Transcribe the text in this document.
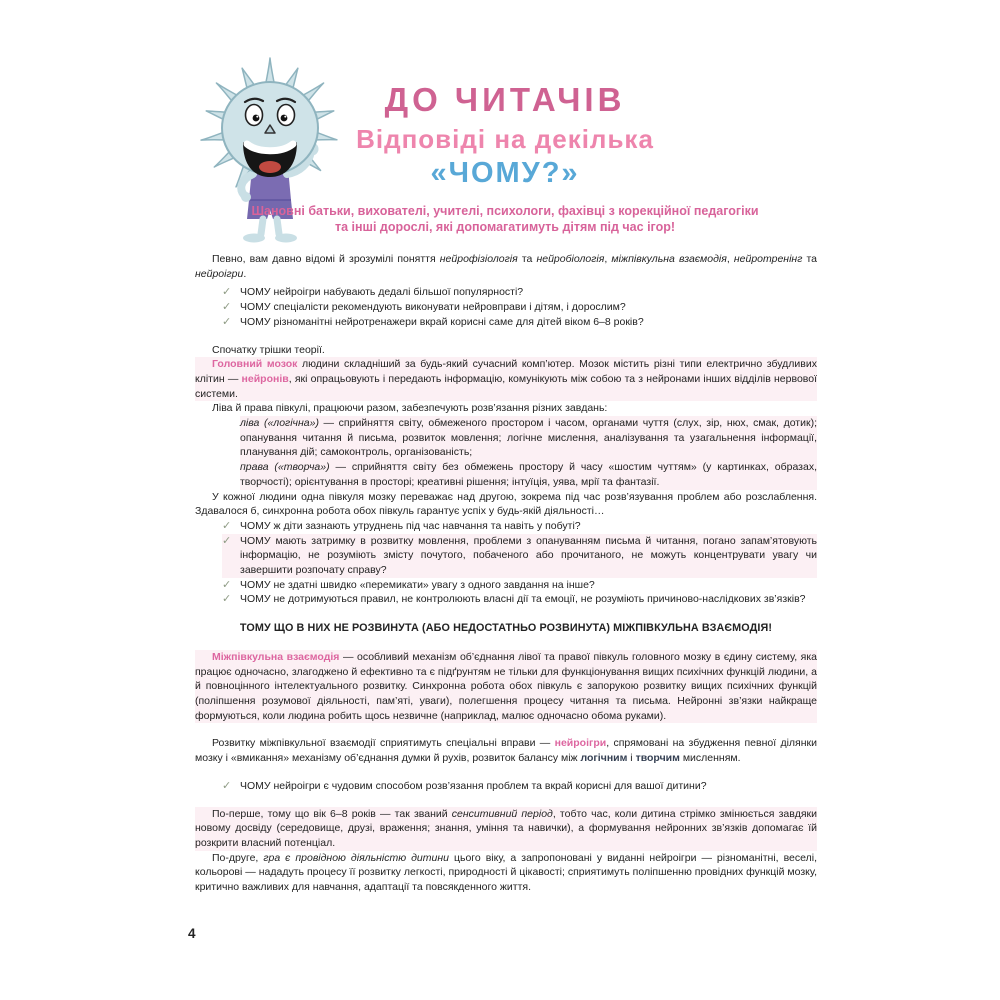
ДО ЧИТАЧІВ
Відповіді на декілька
«ЧОМУ?»
Шановні батьки, вихователі, учителі, психологи, фахівці з корекційної педагогіки
та інші дорослі, які допомагатимуть дітям під час ігор!
Певно, вам давно відомі й зрозумілі поняття нейрофізіологія та нейробіологія, міжпівкульна взаємодія, нейротренінг та нейроігри.
✓ ЧОМУ нейроігри набувають дедалі більшої популярності?
✓ ЧОМУ спеціалісти рекомендують виконувати нейровправи і дітям, і дорослим?
✓ ЧОМУ різноманітні нейротренажери вкрай корисні саме для дітей віком 6–8 років?
Спочатку трішки теорії.
Головний мозок людини складніший за будь-який сучасний комп’ютер. Мозок містить різні типи електрично збудливих клітин — нейронів, які опрацьовують і передають інформацію, комунікують між собою та з нейронами інших відділів нервової системи.
Ліва й права півкулі, працюючи разом, забезпечують розв’язання різних завдань:
ліва («логічна») — сприйняття світу, обмеженого простором і часом, органами чуття (слух, зір, нюх, смак, дотик); опанування читання й письма, розвиток мовлення; логічне мислення, аналізування та узагальнення інформації, планування дій; самоконтроль, організованість;
права («творча») — сприйняття світу без обмежень простору й часу «шостим чуттям» (у картинках, образах, творчості); орієнтування в просторі; креативні рішення; інтуїція, уява, мрії та фантазії.
У кожної людини одна півкуля мозку переважає над другою, зокрема під час розв’язування проблем або розслаблення. Здавалося б, синхронна робота обох півкуль гарантує успіх у будь-якій діяльності…
✓ ЧОМУ ж діти зазнають утруднень під час навчання та навіть у побуті?
✓ ЧОМУ мають затримку в розвитку мовлення, проблеми з опануванням письма й читання, погано запам’ятовують інформацію, не розуміють змісту почутого, побаченого або прочитаного, не можуть концентрувати увагу чи завершити розпочату справу?
✓ ЧОМУ не здатні швидко «перемикати» увагу з одного завдання на інше?
✓ ЧОМУ не дотримуються правил, не контролюють власні дії та емоції, не розуміють причиново-наслідкових зв’язків?
ТОМУ ЩО В НИХ НЕ РОЗВИНУТА (АБО НЕДОСТАТНЬО РОЗВИНУТА) МІЖПІВКУЛЬНА ВЗАЄМОДІЯ!
Міжпівкульна взаємодія — особливий механізм об’єднання лівої та правої півкуль головного мозку в єдину систему, яка працює одночасно, злагоджено й ефективно та є підґрунтям не тільки для функціонування вищих психічних функцій людини, а й повноцінного інтелектуального розвитку. Синхронна робота обох півкуль є запорукою розвитку вищих психічних функцій (поліпшення розумової діяльності, пам’яті, уваги), полегшення процесу читання та письма. Нейронні зв’язки найкраще формуються, коли людина робить щось незвичне (наприклад, малює одночасно обома руками).
Розвитку міжпівкульної взаємодії сприятимуть спеціальні вправи — нейроігри, спрямовані на збудження певної ділянки мозку і «вмикання» механізму об’єднання думки й рухів, розвиток балансу між логічним і творчим мисленням.
✓ ЧОМУ нейроігри є чудовим способом розв’язання проблем та вкрай корисні для вашої дитини?
По-перше, тому що вік 6–8 років — так званий сенситивний період, тобто час, коли дитина стрімко змінюється завдяки новому досвіду (середовище, друзі, враження; знання, уміння та навички), а формування нейронних зв’язків допомагає їй розкрити власний потенціал.
По-друге, гра є провідною діяльністю дитини цього віку, а запропоновані у виданні нейроігри — різноманітні, веселі, кольорові — нададуть процесу її розвитку легкості, природності й цікавості; сприятимуть поліпшенню провідних функцій мозку, критично важливих для навчання, адаптації та повсякденного життя.
4
